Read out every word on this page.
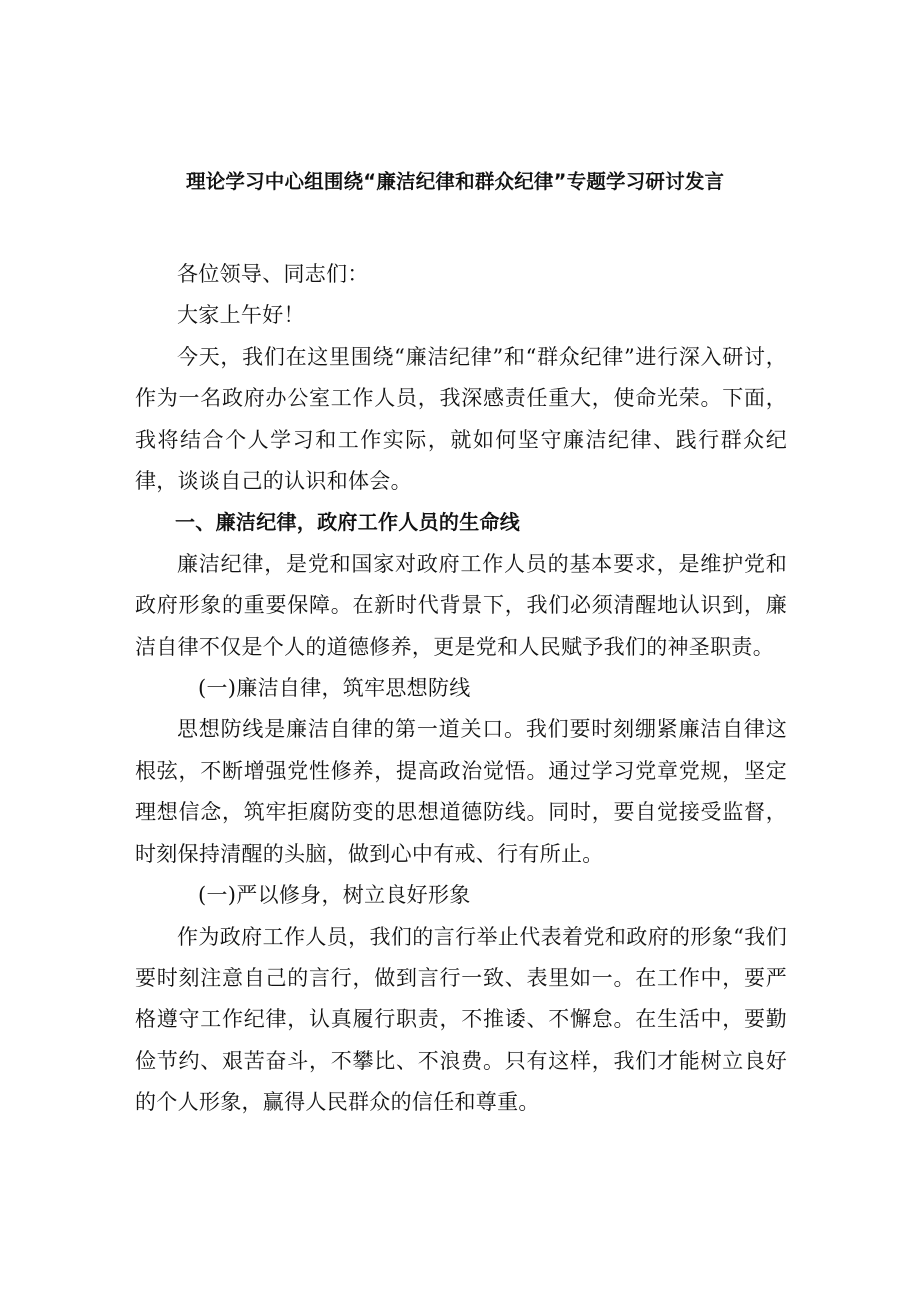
理论学习中心组围绕“廉洁纪律和群众纪律”专题学习研讨发言

各位领导、同志们：

大家上午好！

今天，我们在这里围绕“廉洁纪律”和“群众纪律”进行深入研讨，作为一名政府办公室工作人员，我深感责任重大，使命光荣。下面，我将结合个人学习和工作实际，就如何坚守廉洁纪律、践行群众纪律，谈谈自己的认识和体会。

一、廉洁纪律，政府工作人员的生命线

廉洁纪律，是党和国家对政府工作人员的基本要求，是维护党和政府形象的重要保障。在新时代背景下，我们必须清醒地认识到，廉洁自律不仅是个人的道德修养，更是党和人民赋予我们的神圣职责。

(一)廉洁自律，筑牢思想防线

思想防线是廉洁自律的第一道关口。我们要时刻绷紧廉洁自律这根弦，不断增强党性修养，提高政治觉悟。通过学习党章党规，坚定理想信念，筑牢拒腐防变的思想道德防线。同时，要自觉接受监督，时刻保持清醒的头脑，做到心中有戒、行有所止。

(一)严以修身，树立良好形象

作为政府工作人员，我们的言行举止代表着党和政府的形象“我们要时刻注意自己的言行，做到言行一致、表里如一。在工作中，要严格遵守工作纪律，认真履行职责，不推诿、不懈怠。在生活中，要勤俭节约、艰苦奋斗，不攀比、不浪费。只有这样，我们才能树立良好的个人形象，赢得人民群众的信任和尊重。
